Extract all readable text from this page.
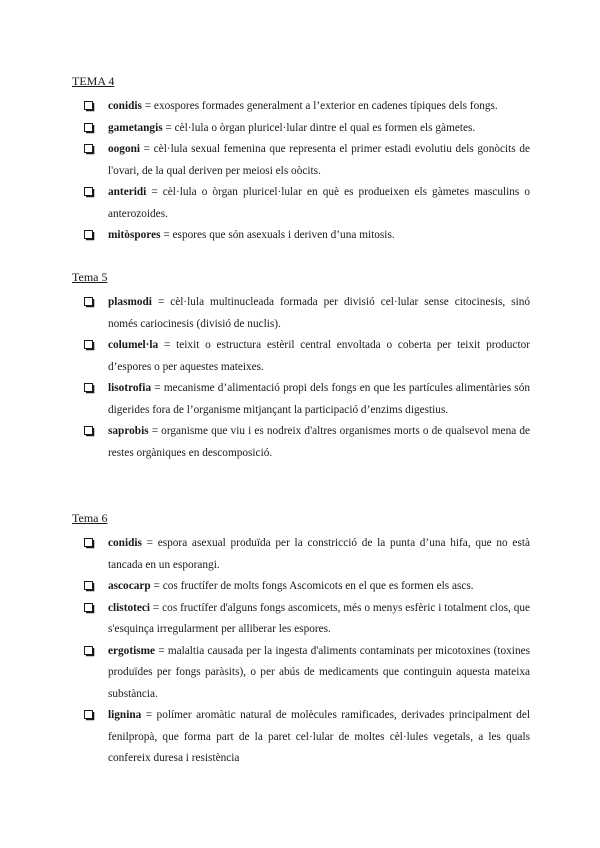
TEMA 4
conidis = exospores formades generalment a l’exterior en cadenes típiques dels fongs.
gametangis = cèl·lula o òrgan pluricel·lular dintre el qual es formen els gàmetes.
oogoni = cèl·lula sexual femenina que representa el primer estadi evolutiu dels gonòcits de l'ovari, de la qual deriven per meiosi els oòcits.
anteridi = cèl·lula o òrgan pluricel·lular en què es produeixen els gàmetes masculins o anterozoides.
mitòspores = espores que són asexuals i deriven d’una mitosis.
Tema 5
plasmodi = cèl·lula multinucleada formada per divisió cel·lular sense citocinesis, sinó només cariocinesis (divisió de nuclis).
columel·la = teixit o estructura estèril central envoltada o coberta per teixit productor d’espores o per aquestes mateixes.
lisotrofia = mecanisme d’alimentació propi dels fongs en que les partícules alimentàries són digerides fora de l’organisme mitjançant la participació d’enzims digestius.
saprobis = organisme que viu i es nodreix d'altres organismes morts o de qualsevol mena de restes orgàniques en descomposició.
Tema 6
conidis = espora asexual produïda per la constricció de la punta d’una hifa, que no està tancada en un esporangi.
ascocarp = cos fructífer de molts fongs Ascomicots en el que es formen els ascs.
clistoteci = cos fructífer d'alguns fongs ascomicets, més o menys esfèric i totalment clos, que s'esquinça irregularment per alliberar les espores.
ergotisme = malaltia causada per la ingesta d'aliments contaminats per micotoxines (toxines produïdes per fongs paràsits), o per abús de medicaments que continguin aquesta mateixa substància.
lignina = polímer aromàtic natural de molècules ramificades, derivades principalment del fenilpropà, que forma part de la paret cel·lular de moltes cèl·lules vegetals, a les quals confereix duresa i resistència
